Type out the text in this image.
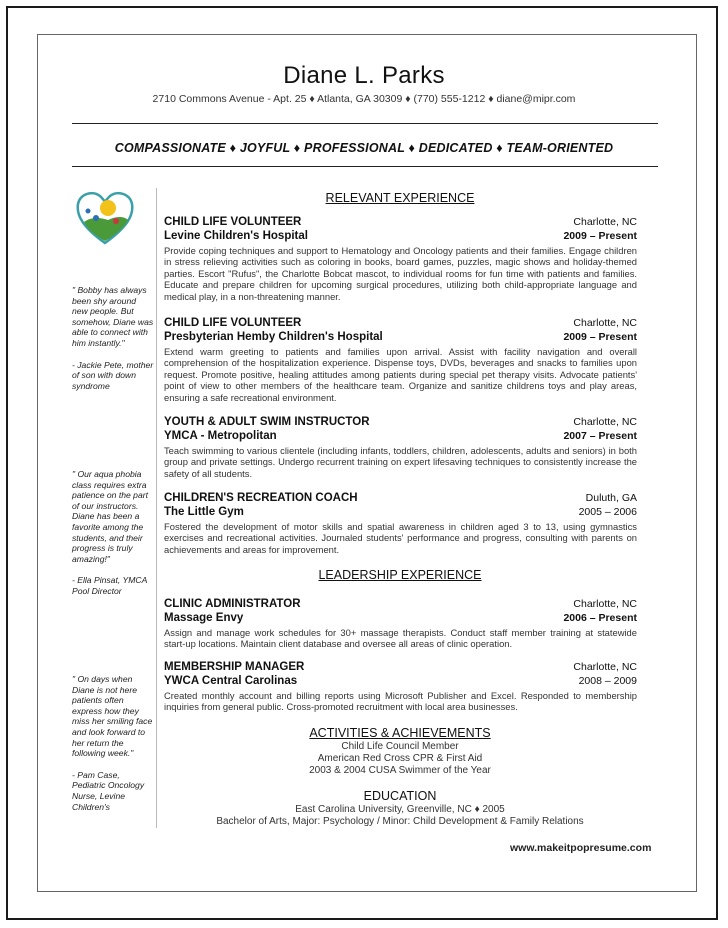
Diane L. Parks
2710 Commons Avenue - Apt. 25 ♦ Atlanta, GA 30309 ♦ (770) 555-1212 ♦ diane@mipr.com
COMPASSIONATE ♦ JOYFUL ♦ PROFESSIONAL ♦ DEDICATED ♦ TEAM-ORIENTED
" Bobby has always been shy around new people. But somehow, Diane was able to connect with him instantly."
- Jackie Pete, mother of son with down syndrome
" Our aqua phobia class requires extra patience on the part of our instructors. Diane has been a favorite among the students, and their progress is truly amazing!"
- Ella Pinsat, YMCA Pool Director
" On days when Diane is not here patients often express how they miss her smiling face and look forward to her return the following week."
- Pam Case, Pediatric Oncology Nurse, Levine Children's
RELEVANT EXPERIENCE
CHILD LIFE VOLUNTEER	Charlotte, NC
Levine Children's Hospital	2009 – Present
Provide coping techniques and support to Hematology and Oncology patients and their families. Engage children in stress relieving activities such as coloring in books, board games, puzzles, magic shows and holiday-themed parties. Escort "Rufus", the Charlotte Bobcat mascot, to individual rooms for fun time with patients and families. Educate and prepare children for upcoming surgical procedures, utilizing both child-appropriate language and medical play, in a non-threatening manner.
CHILD LIFE VOLUNTEER	Charlotte, NC
Presbyterian Hemby Children's Hospital	2009 – Present
Extend warm greeting to patients and families upon arrival. Assist with facility navigation and overall comprehension of the hospitalization experience. Dispense toys, DVDs, beverages and snacks to families upon request. Promote positive, healing attitudes among patients during special pet therapy visits. Advocate patients' point of view to other members of the healthcare team. Organize and sanitize childrens toys and play areas, ensuring a safe recreational environment.
YOUTH & ADULT SWIM INSTRUCTOR	Charlotte, NC
YMCA - Metropolitan	2007 – Present
Teach swimming to various clientele (including infants, toddlers, children, adolescents, adults and seniors) in both group and private settings. Undergo recurrent training on expert lifesaving techniques to consistently increase the safety of all students.
CHILDREN'S RECREATION COACH	Duluth, GA
The Little Gym	2005 – 2006
Fostered the development of motor skills and spatial awareness in children aged 3 to 13, using gymnastics exercises and recreational activities. Journaled students' performance and progress, consulting with parents on achievements and areas for improvement.
LEADERSHIP EXPERIENCE
CLINIC ADMINISTRATOR	Charlotte, NC
Massage Envy	2006 – Present
Assign and manage work schedules for 30+ massage therapists. Conduct staff member training at statewide start-up locations. Maintain client database and oversee all areas of clinic operation.
MEMBERSHIP MANAGER	Charlotte, NC
YWCA Central Carolinas	2008 – 2009
Created monthly account and billing reports using Microsoft Publisher and Excel. Responded to membership inquiries from general public. Cross-promoted recruitment with local area businesses.
ACTIVITIES & ACHIEVEMENTS
Child Life Council Member
American Red Cross CPR & First Aid
2003 & 2004 CUSA Swimmer of the Year
EDUCATION
East Carolina University, Greenville, NC ♦ 2005
Bachelor of Arts, Major: Psychology / Minor: Child Development & Family Relations
www.makeitpopresume.com
